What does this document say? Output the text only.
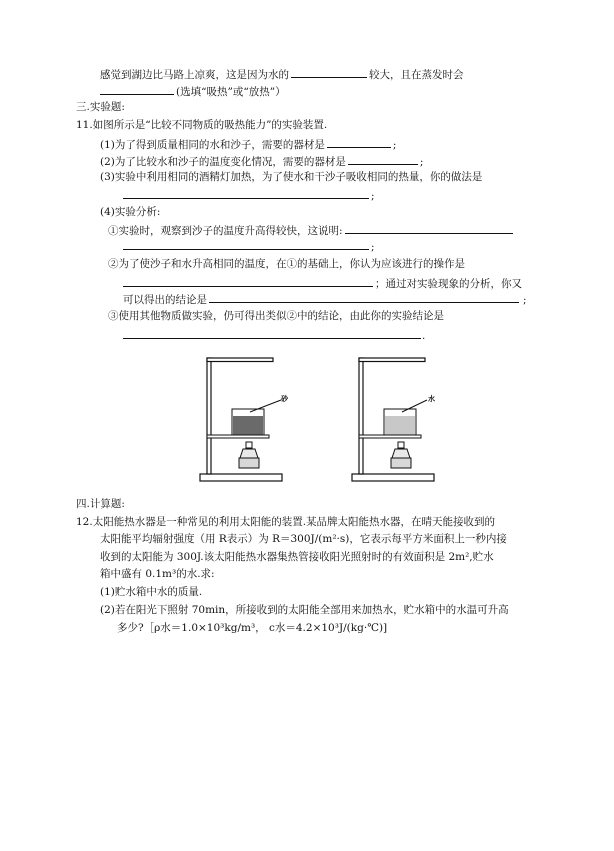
感觉到湖边比马路上凉爽，这是因为水的	较大，且在蒸发时会
(选填“吸热”或“放热”）
三.实验题:
11.如图所示是“比较不同物质的吸热能力”的实验装置.
(1)为了得到质量相同的水和沙子，需要的器材是	;
(2)为了比较水和沙子的温度变化情况，需要的器材是	;
(3)实验中利用相同的酒精灯加热，为了使水和干沙子吸收相同的热量，你的做法是
;
(4)实验分析:
①实验时，观察到沙子的温度升高得较快，这说明:
;
②为了使沙子和水升高相同的温度，在①的基础上，你认为应该进行的操作是
；通过对实验现象的分析，你又
可以得出的结论是	;
③使用其他物质做实验，仍可得出类似②中的结论，由此你的实验结论是
.
砂	水
四.计算题:
12.太阳能热水器是一种常见的利用太阳能的装置.某品牌太阳能热水器，在晴天能接收到的
太阳能平均辐射强度（用 R表示）为 R＝300J/(m²·s)，它表示每平方米面积上一秒内接
收到的太阳能为 300J.该太阳能热水器集热管接收阳光照射时的有效面积是 2m²,贮水
箱中盛有 0.1m³的水.求:
(1)贮水箱中水的质量.
(2)若在阳光下照射 70min，所接收到的太阳能全部用来加热水，贮水箱中的水温可升高
多少?［ρ水＝1.0×10³kg/m³， c水＝4.2×10³J/(kg·℃)]
